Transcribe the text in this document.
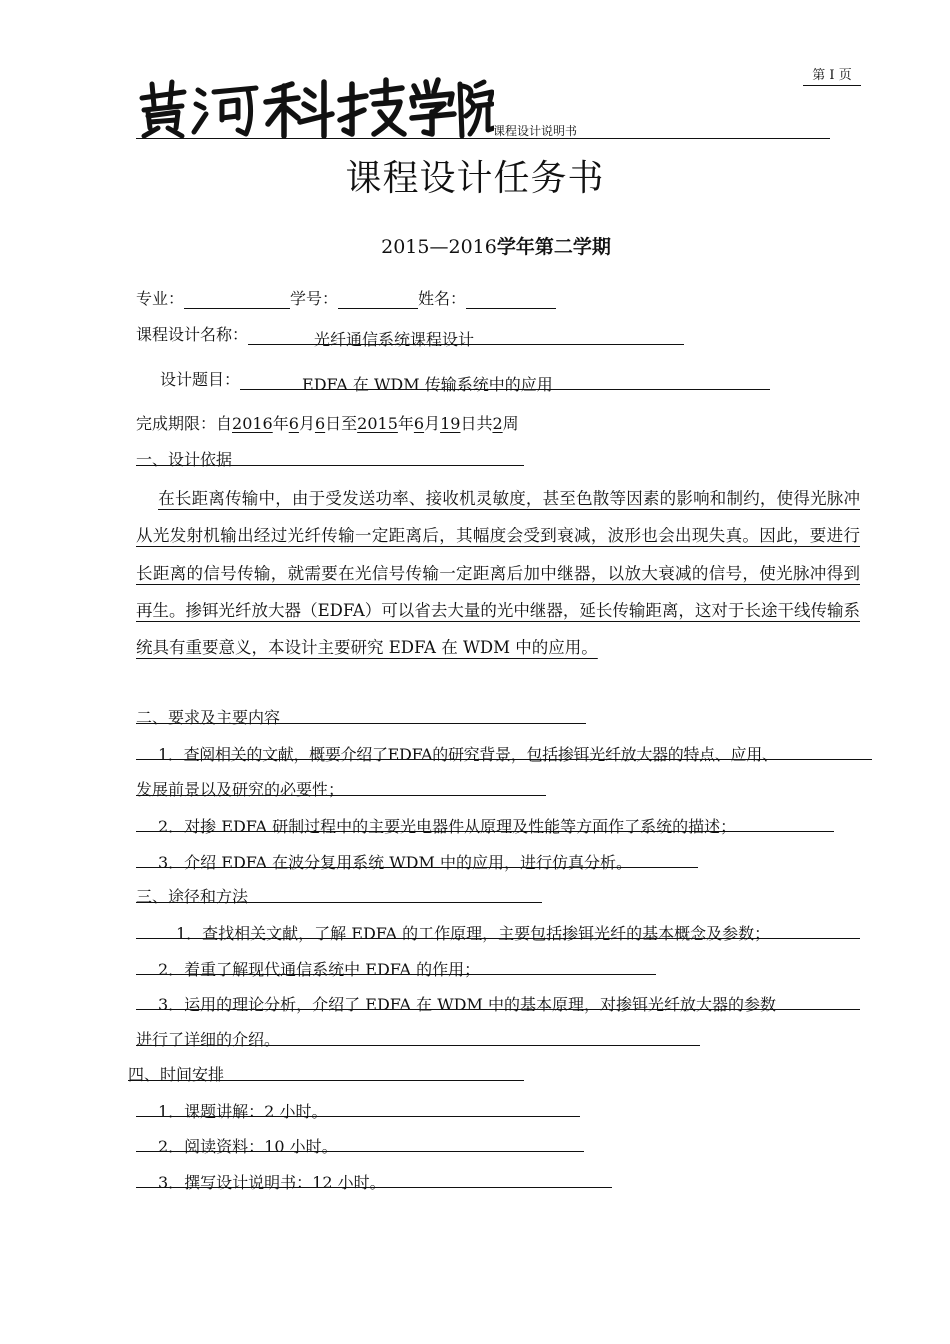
第 I 页
课程设计说明书
课程设计任务书
2015—2016学年第二学期
专业：	学号：	姓名：
课程设计名称：	光纤通信系统课程设计
设计题目：	EDFA 在 WDM 传输系统中的应用
完成期限：自2016年6月6日至2015年6月19日共2周
一、设计依据
在长距离传输中，由于受发送功率、接收机灵敏度，甚至色散等因素的影响和制约，使得光脉冲从光发射机输出经过光纤传输一定距离后，其幅度会受到衰减，波形也会出现失真。因此，要进行长距离的信号传输，就需要在光信号传输一定距离后加中继器，以放大衰减的信号，使光脉冲得到再生。掺铒光纤放大器（EDFA）可以省去大量的光中继器，延长传输距离，这对于长途干线传输系统具有重要意义，本设计主要研究 EDFA 在 WDM 中的应用。
二、要求及主要内容
1．查阅相关的文献，概要介绍了EDFA的研究背景，包括掺铒光纤放大器的特点、应用、
发展前景以及研究的必要性；
2．对掺 EDFA 研制过程中的主要光电器件从原理及性能等方面作了系统的描述；
3．介绍 EDFA 在波分复用系统 WDM 中的应用，进行仿真分析。
三、途径和方法
1．查找相关文献，了解 EDFA 的工作原理，主要包括掺铒光纤的基本概念及参数；
2．着重了解现代通信系统中 EDFA 的作用；
3．运用的理论分析，介绍了 EDFA 在 WDM 中的基本原理，对掺铒光纤放大器的参数
进行了详细的介绍。
四、时间安排
1．课题讲解：2 小时。
2．阅读资料：10 小时。
3．撰写设计说明书：12 小时。
